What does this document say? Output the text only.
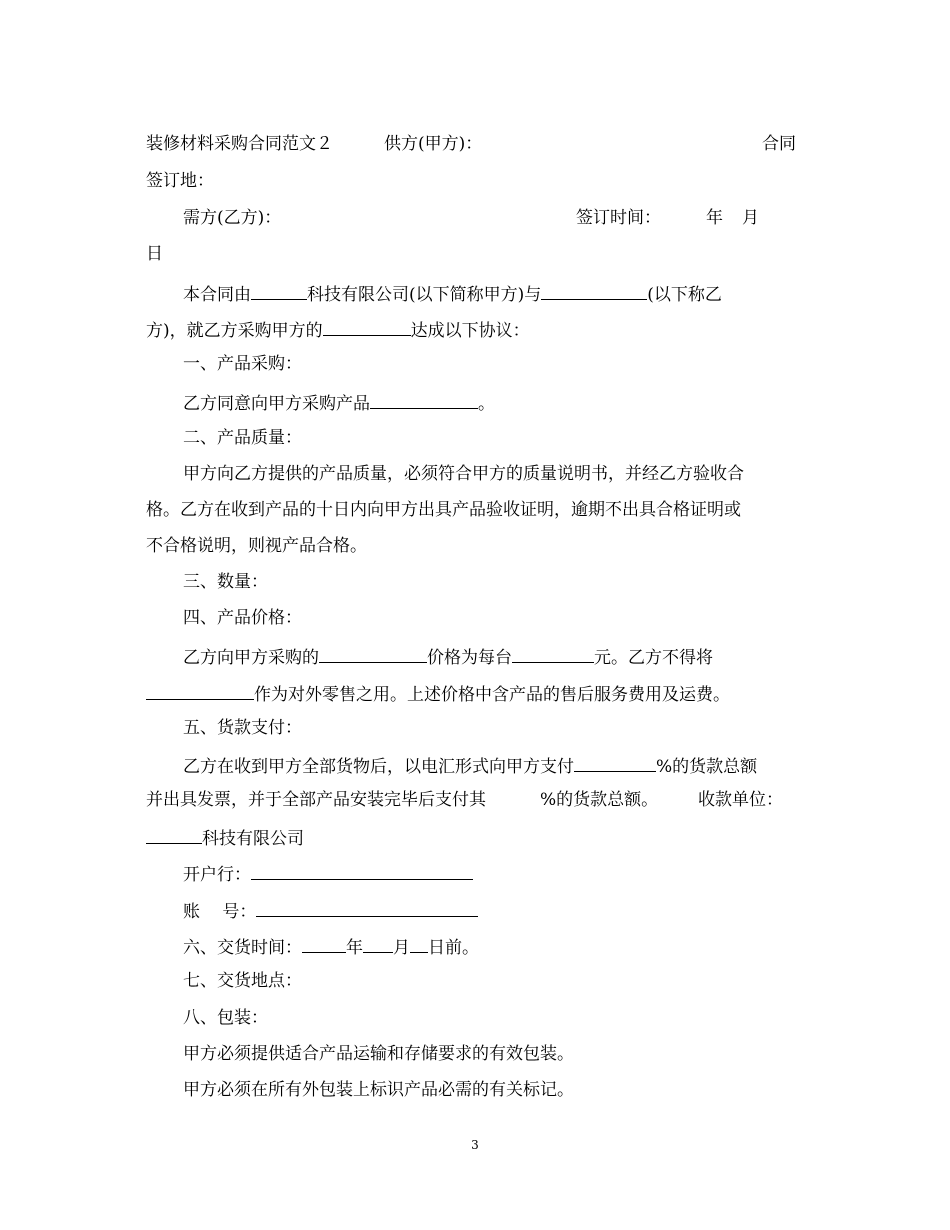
装修材料采购合同范文２	供方(甲方)：	合同
签订地：
需方(乙方)：	签订时间：	年 月
日
本合同由	科技有限公司(以下简称甲方)与	(以下称乙
方)，就乙方采购甲方的	达成以下协议：
一、产品采购：
乙方同意向甲方采购产品	。
二、产品质量：
甲方向乙方提供的产品质量，必须符合甲方的质量说明书，并经乙方验收合
格。乙方在收到产品的十日内向甲方出具产品验收证明，逾期不出具合格证明或
不合格说明，则视产品合格。
三、数量：
四、产品价格：
乙方向甲方采购的	价格为每台	元。乙方不得将
作为对外零售之用。上述价格中含产品的售后服务费用及运费。
五、货款支付：
乙方在收到甲方全部货物后，以电汇形式向甲方支付	%的货款总额
并出具发票，并于全部产品安装完毕后支付其	%的货款总额。 收款单位：
科技有限公司
开户行：
账　 号：
六、交货时间：	年 月 日前。
七、交货地点：
八、包装：
甲方必须提供适合产品运输和存储要求的有效包装。
甲方必须在所有外包装上标识产品必需的有关标记。
3
